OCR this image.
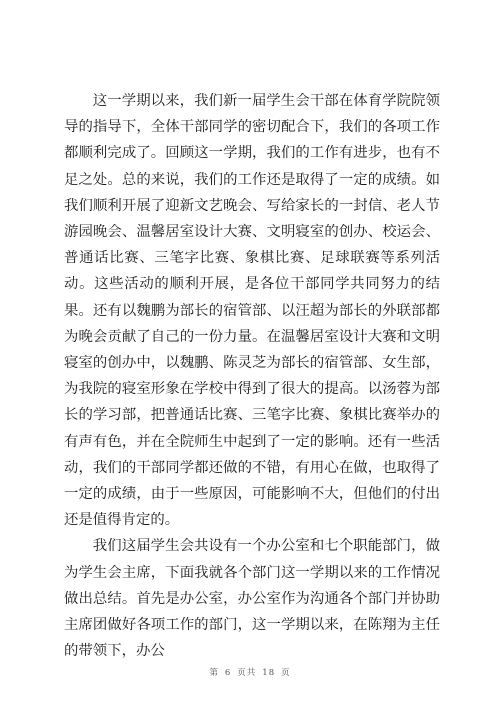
这一学期以来，我们新一届学生会干部在体育学院院领导的指导下，全体干部同学的密切配合下，我们的各项工作都顺利完成了。回顾这一学期，我们的工作有进步，也有不足之处。总的来说，我们的工作还是取得了一定的成绩。如我们顺利开展了迎新文艺晚会、写给家长的一封信、老人节游园晚会、温馨居室设计大赛、文明寝室的创办、校运会、普通话比赛、三笔字比赛、象棋比赛、足球联赛等系列活动。这些活动的顺利开展，是各位干部同学共同努力的结果。还有以魏鹏为部长的宿管部、以汪超为部长的外联部都为晚会贡献了自己的一份力量。在温馨居室设计大赛和文明寝室的创办中，以魏鹏、陈灵芝为部长的宿管部、女生部，为我院的寝室形象在学校中得到了很大的提高。以汤蓉为部长的学习部，把普通话比赛、三笔字比赛、象棋比赛举办的有声有色，并在全院师生中起到了一定的影响。还有一些活动，我们的干部同学都还做的不错，有用心在做，也取得了一定的成绩，由于一些原因，可能影响不大，但他们的付出还是值得肯定的。

我们这届学生会共设有一个办公室和七个职能部门，做为学生会主席，下面我就各个部门这一学期以来的工作情况做出总结。首先是办公室，办公室作为沟通各个部门并协助主席团做好各项工作的部门，这一学期以来，在陈翔为主任的带领下，办公

第 6 页共 18 页
